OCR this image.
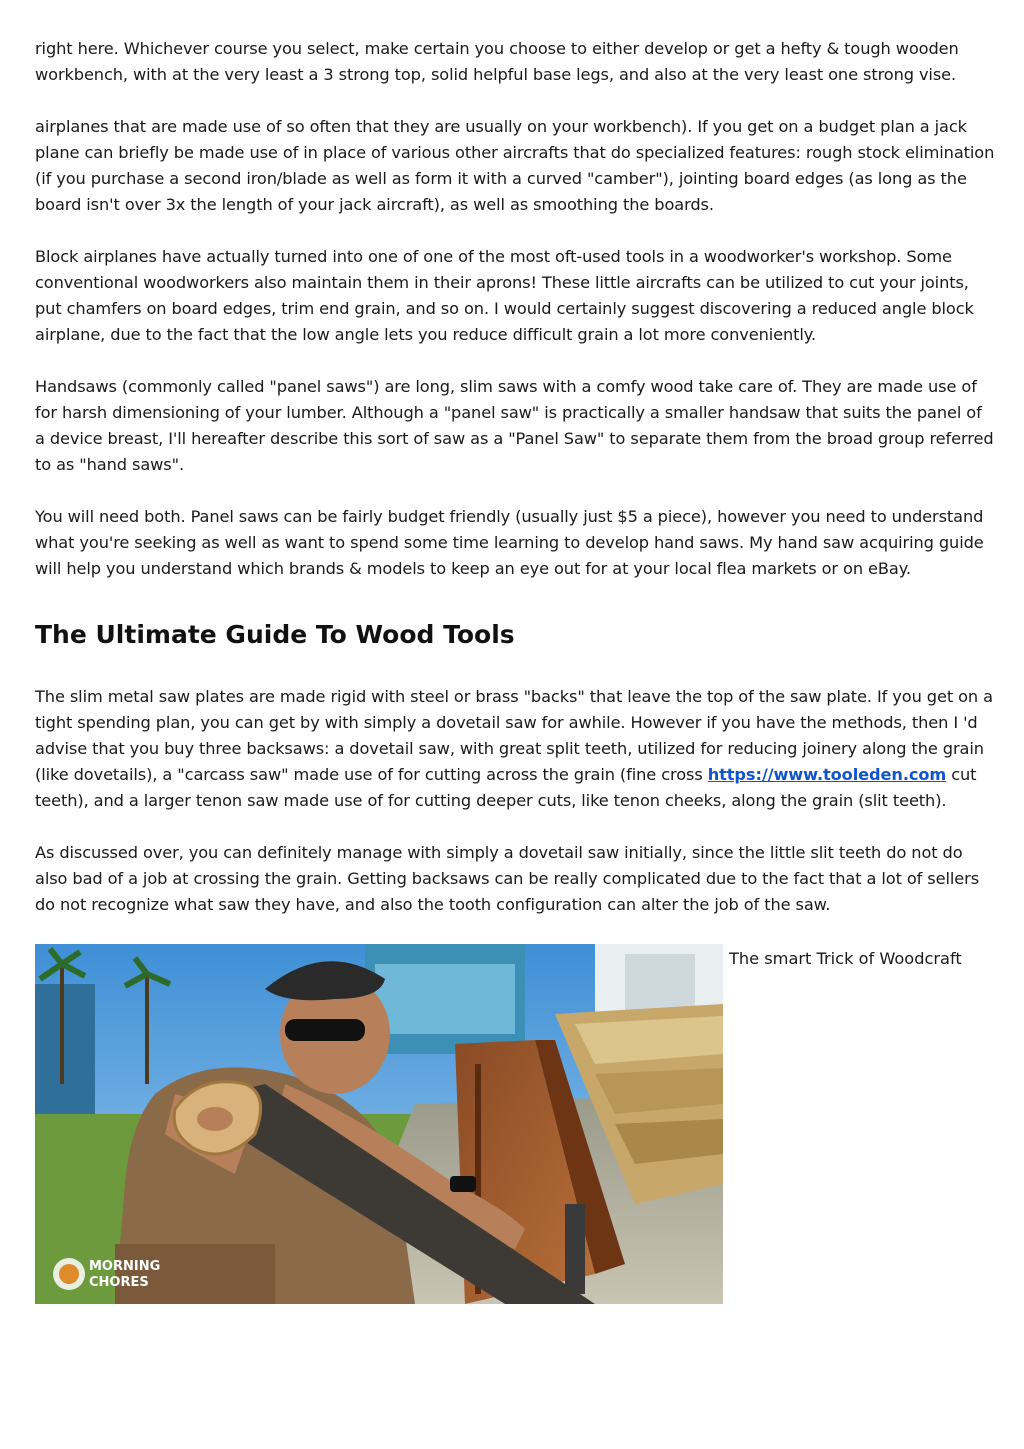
right here. Whichever course you select, make certain you choose to either develop or get a hefty & tough wooden workbench, with at the very least a 3 strong top, solid helpful base legs, and also at the very least one strong vise.

airplanes that are made use of so often that they are usually on your workbench). If you get on a budget plan a jack plane can briefly be made use of in place of various other aircrafts that do specialized features: rough stock elimination (if you purchase a second iron/blade as well as form it with a curved "camber"), jointing board edges (as long as the board isn't over 3x the length of your jack aircraft), as well as smoothing the boards.

Block airplanes have actually turned into one of one of the most oft-used tools in a woodworker's workshop. Some conventional woodworkers also maintain them in their aprons! These little aircrafts can be utilized to cut your joints, put chamfers on board edges, trim end grain, and so on. I would certainly suggest discovering a reduced angle block airplane, due to the fact that the low angle lets you reduce difficult grain a lot more conveniently.

Handsaws (commonly called "panel saws") are long, slim saws with a comfy wood take care of. They are made use of for harsh dimensioning of your lumber. Although a "panel saw" is practically a smaller handsaw that suits the panel of a device breast, I'll hereafter describe this sort of saw as a "Panel Saw" to separate them from the broad group referred to as "hand saws".

You will need both. Panel saws can be fairly budget friendly (usually just $5 a piece), however you need to understand what you're seeking as well as want to spend some time learning to develop hand saws. My hand saw acquiring guide will help you understand which brands & models to keep an eye out for at your local flea markets or on eBay.

The Ultimate Guide To Wood Tools

The slim metal saw plates are made rigid with steel or brass "backs" that leave the top of the saw plate. If you get on a tight spending plan, you can get by with simply a dovetail saw for awhile. However if you have the methods, then I 'd advise that you buy three backsaws: a dovetail saw, with great split teeth, utilized for reducing joinery along the grain (like dovetails), a "carcass saw" made use of for cutting across the grain (fine cross https://www.tooleden.com cut teeth), and a larger tenon saw made use of for cutting deeper cuts, like tenon cheeks, along the grain (slit teeth).

As discussed over, you can definitely manage with simply a dovetail saw initially, since the little slit teeth do not do also bad of a job at crossing the grain. Getting backsaws can be really complicated due to the fact that a lot of sellers do not recognize what saw they have, and also the tooth configuration can alter the job of the saw.

MORNING
CHORES
The smart Trick of Woodcraft
